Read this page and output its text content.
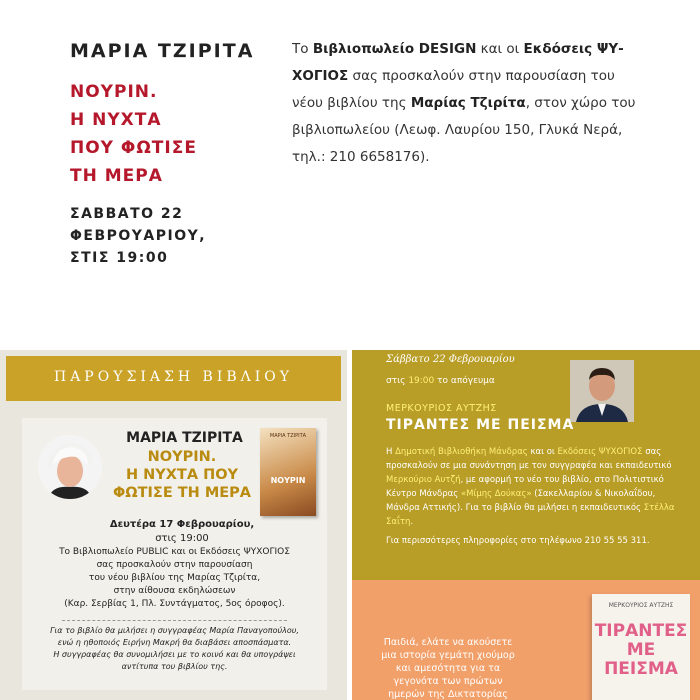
ΜΑΡΙΑ ΤΖΙΡΙΤΑ
ΝΟΥΡΙΝ.
Η ΝΥΧΤΑ
ΠΟΥ ΦΩΤΙΣΕ
ΤΗ ΜΕΡΑ
ΣΑΒΒΑΤΟ 22
ΦΕΒΡΟΥΑΡΙΟΥ,
ΣΤΙΣ 19:00
Το Βιβλιοπωλείο DESIGN και οι Εκδόσεις ΨΥ-ΧΟΓΙΟΣ σας προσκαλούν στην παρουσίαση του νέου βιβλίου της Μαρίας Τζιρίτα, στον χώρο του βιβλιοπωλείου (Λεωφ. Λαυρίου 150, Γλυκά Νερά, τηλ.: 210 6658176).
ΠΑΡΟΥΣΙΑΣΗ ΒΙΒΛΙΟΥ
ΜΑΡΙΑ ΤΖΙΡΙΤΑ
ΝΟΥΡΙΝ.
Η ΝΥΧΤΑ ΠΟΥ
ΦΩΤΙΣΕ ΤΗ ΜΕΡΑ
Δευτέρα 17 Φεβρουαρίου,
στις 19:00
ΜΑΡΙΑ ΤΖΙΡΙΤΑ
ΝΟΥΡΙΝ
Το Βιβλιοπωλείο PUBLIC και οι Εκδόσεις ΨΥΧΟΓΙΟΣ
σας προσκαλούν στην παρουσίαση
του νέου βιβλίου της Μαρίας Τζιρίτα,
στην αίθουσα εκδηλώσεων
(Καρ. Σερβίας 1, Πλ. Συντάγματος, 5ος όροφος).
Για το βιβλίο θα μιλήσει η συγγραφέας Μαρία Παναγοπούλου,
ενώ η ηθοποιός Ειρήνη Μακρή θα διαβάσει αποσπάσματα.
Η συγγραφέας θα συνομιλήσει με το κοινό και θα υπογράψει
αντίτυπα του βιβλίου της.
Σάββατο 22 Φεβρουαρίου
στις 19:00 το απόγευμα
ΜΕΡΚΟΥΡΙΟΣ ΑΥΤΖΗΣ
ΤΙΡΑΝΤΕΣ ΜΕ ΠΕΙΣΜΑ
Η Δημοτική Βιβλιοθήκη Μάνδρας και οι Εκδόσεις ΨΥΧΟΓΙΟΣ σας προσκαλούν σε μια συνάντηση με τον συγγραφέα και εκπαιδευτικό Μερκούριο Αυτζή, με αφορμή το νέο του βιβλίο, στο Πολιτιστικό Κέντρο Μάνδρας «Μίμης Δούκας» (Σακελλαρίου & Νικολαΐδου, Μάνδρα Αττικής). Για το βιβλίο θα μιλήσει η εκπαιδευτικός Στέλλα Σαΐτη.
Για περισσότερες πληροφορίες στο τηλέφωνο 210 55 55 311.
Παιδιά, ελάτε να ακούσετε
μια ιστορία γεμάτη χιούμορ
και αμεσότητα για τα
γεγονότα των πρώτων
ημερών της Δικτατορίας
ΜΕΡΚΟΥΡΙΟΣ ΑΥΤΖΗΣ
ΤΙΡΑΝΤΕΣ
ΜΕ ΠΕΙΣΜΑ
